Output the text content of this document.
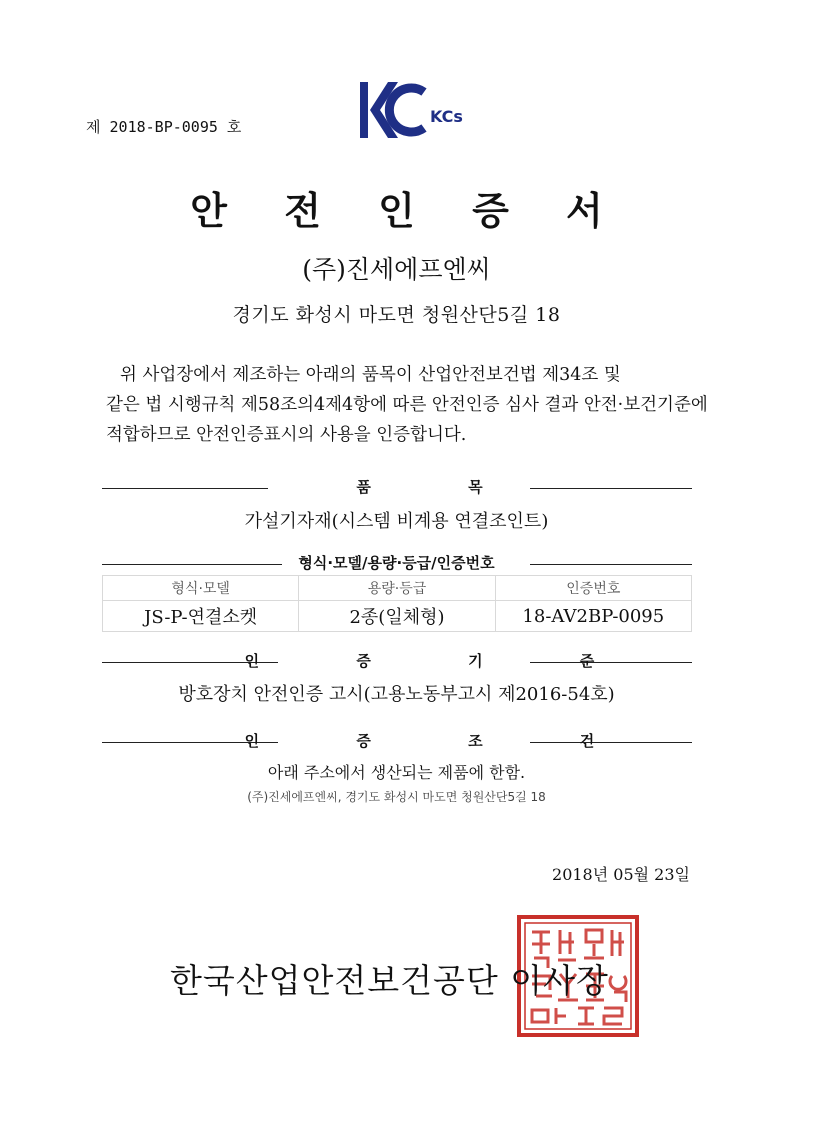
제 2018-BP-0095 호
KCs
안 전 인 증 서
(주)진세에프엔씨
경기도 화성시 마도면 청원산단5길 18
위 사업장에서 제조하는 아래의 품목이 산업안전보건법 제34조 및
같은 법 시행규칙 제58조의4제4항에 따른 안전인증 심사 결과 안전·보건기준에
적합하므로 안전인증표시의 사용을 인증합니다.
품 목
가설기자재(시스템 비계용 연결조인트)
형식·모델/용량·등급/인증번호
형식·모델	용량·등급	인증번호
JS-P-연결소켓	2종(일체형)	18-AV2BP-0095
인 증 기 준
방호장치 안전인증 고시(고용노동부고시 제2016-54호)
인 증 조 건
아래 주소에서 생산되는 제품에 한함.
(주)진세에프엔씨, 경기도 화성시 마도면 청원산단5길 18
2018년 05월 23일
한국산업안전보건공단 이사장
